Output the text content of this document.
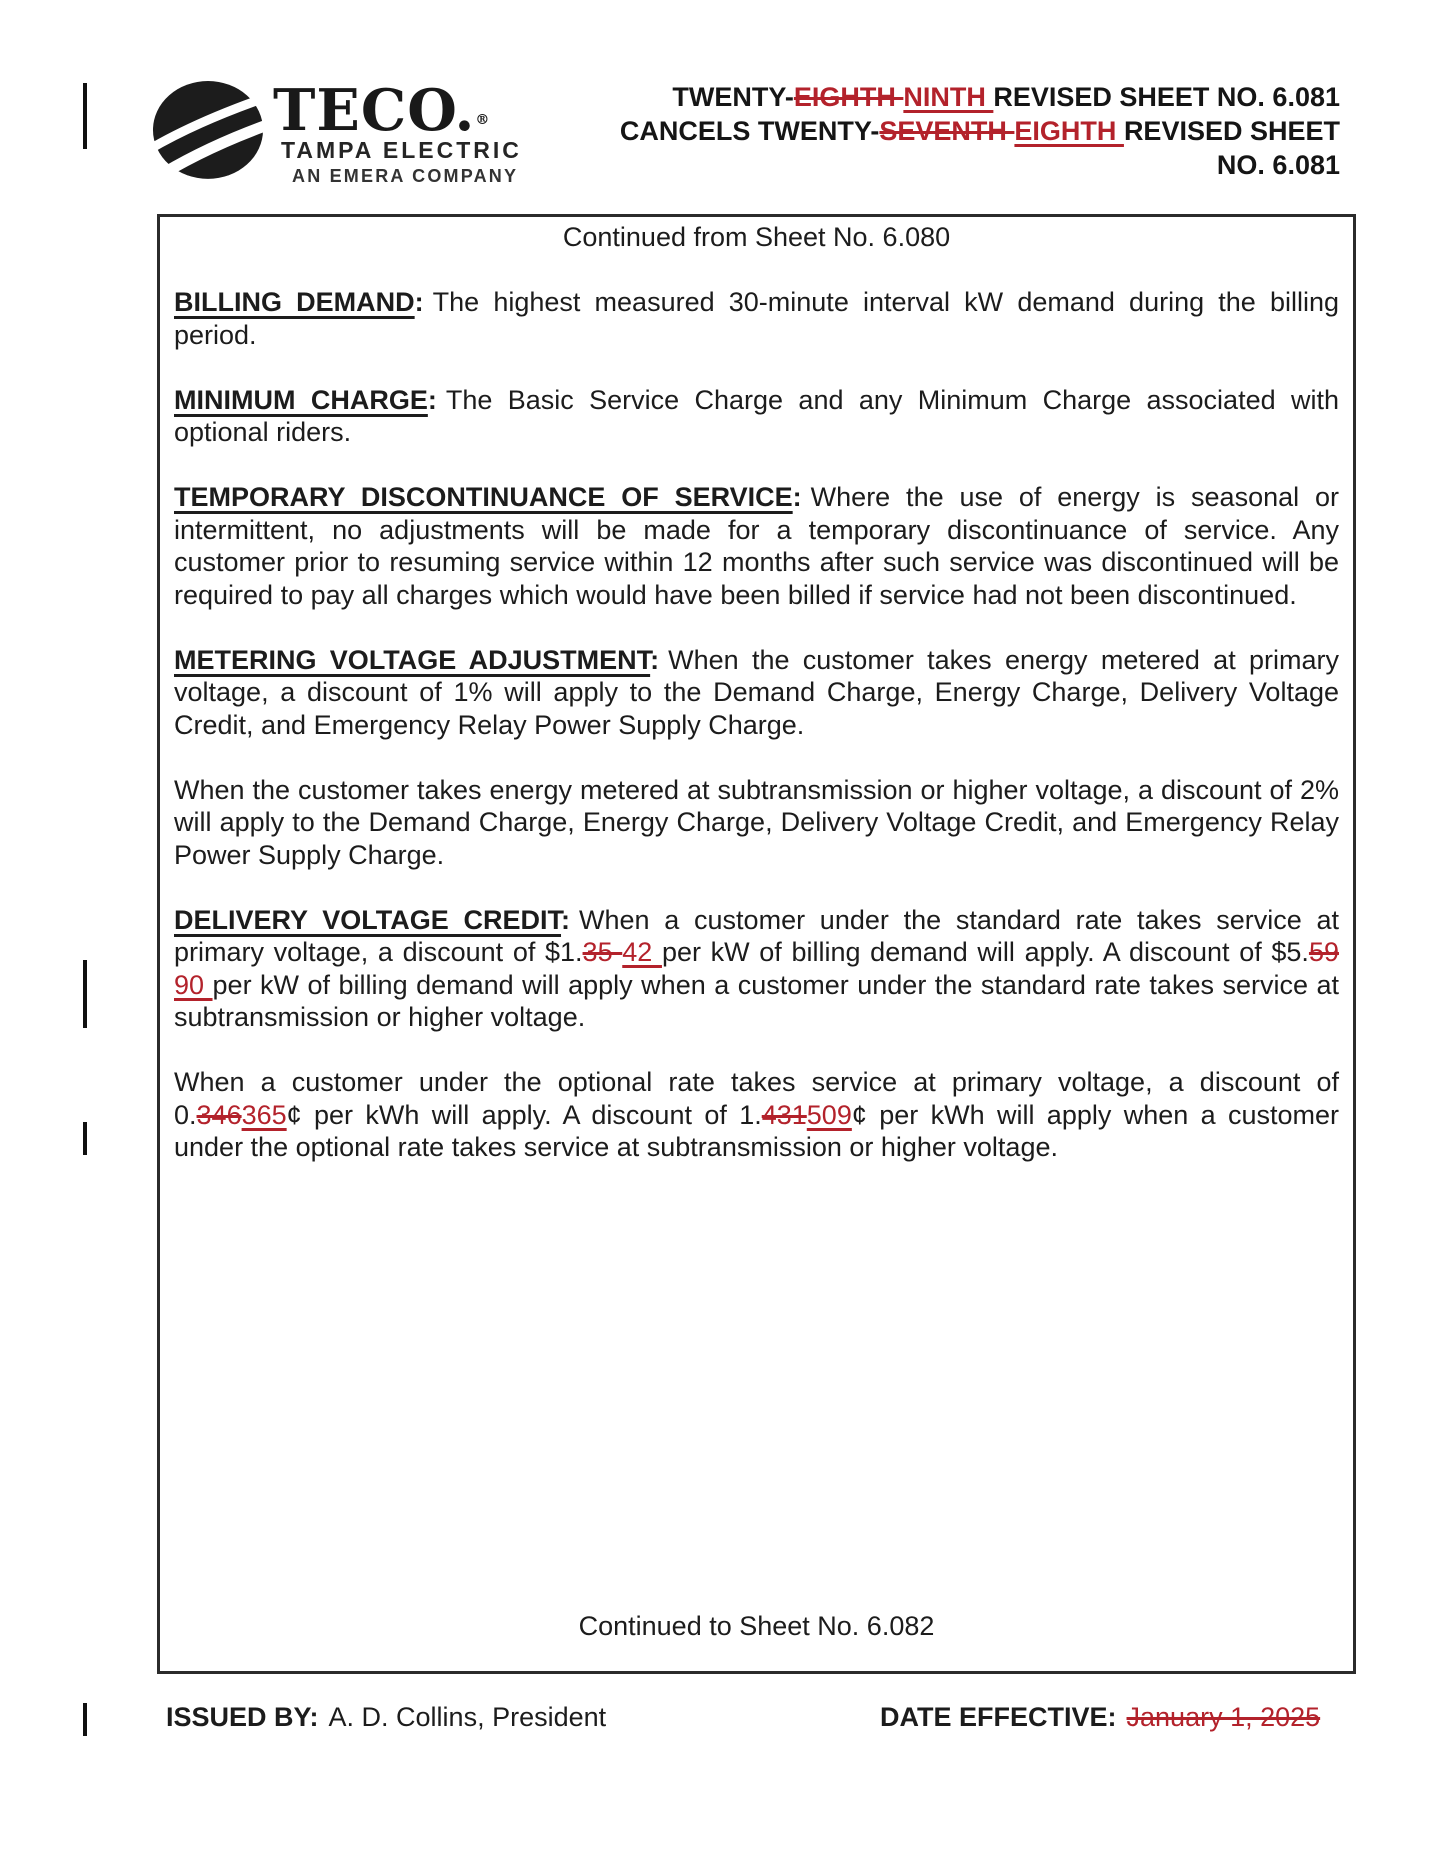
TECO.®
TAMPA ELECTRIC
AN EMERA COMPANY
TWENTY-EIGHTH NINTH REVISED SHEET NO. 6.081
CANCELS TWENTY-SEVENTH EIGHTH REVISED SHEET
NO. 6.081
Continued from Sheet No. 6.080

BILLING DEMAND: The highest measured 30-minute interval kW demand during the billing period.

MINIMUM CHARGE: The Basic Service Charge and any Minimum Charge associated with optional riders.

TEMPORARY DISCONTINUANCE OF SERVICE: Where the use of energy is seasonal or intermittent, no adjustments will be made for a temporary discontinuance of service. Any customer prior to resuming service within 12 months after such service was discontinued will be required to pay all charges which would have been billed if service had not been discontinued.

METERING VOLTAGE ADJUSTMENT: When the customer takes energy metered at primary voltage, a discount of 1% will apply to the Demand Charge, Energy Charge, Delivery Voltage Credit, and Emergency Relay Power Supply Charge.

When the customer takes energy metered at subtransmission or higher voltage, a discount of 2% will apply to the Demand Charge, Energy Charge, Delivery Voltage Credit, and Emergency Relay Power Supply Charge.

DELIVERY VOLTAGE CREDIT: When a customer under the standard rate takes service at primary voltage, a discount of $1.35 42 per kW of billing demand will apply. A discount of $5.59 90 per kW of billing demand will apply when a customer under the standard rate takes service at subtransmission or higher voltage.

When a customer under the optional rate takes service at primary voltage, a discount of 0.346365¢ per kWh will apply. A discount of 1.431509¢ per kWh will apply when a customer under the optional rate takes service at subtransmission or higher voltage.

Continued to Sheet No. 6.082
ISSUED BY: A. D. Collins, President	DATE EFFECTIVE: January 1, 2025
